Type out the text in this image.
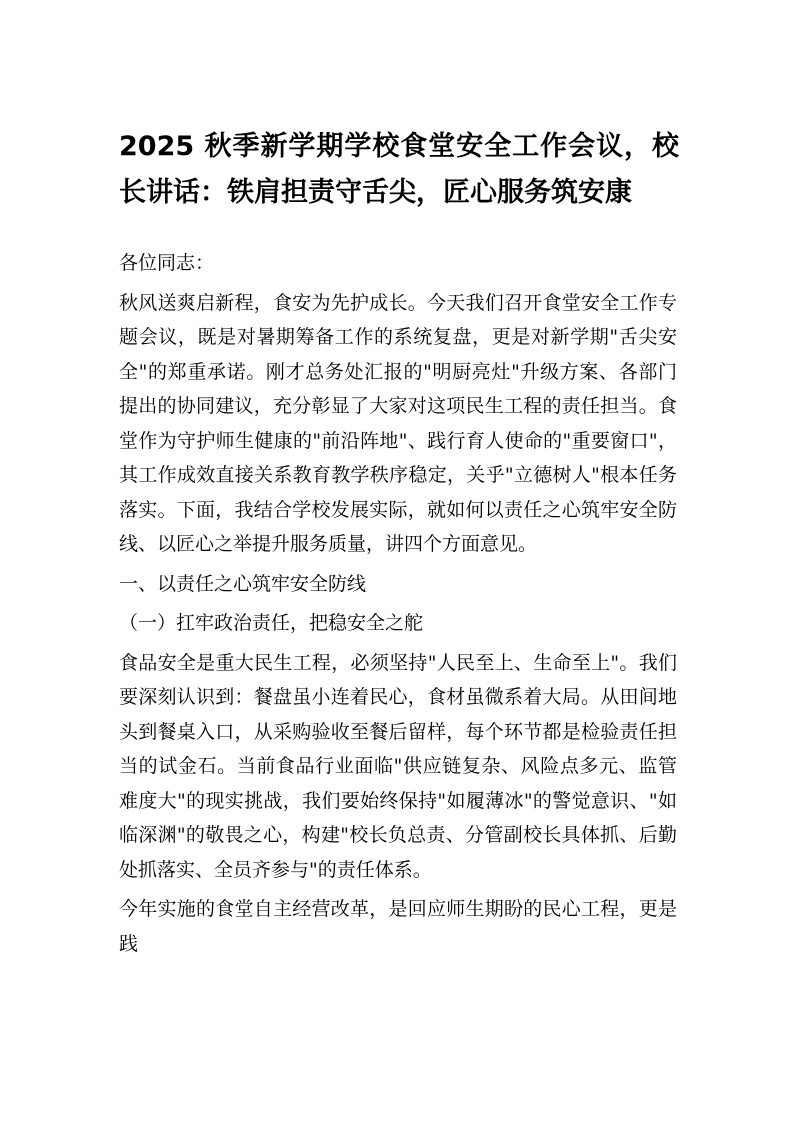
2025 秋季新学期学校食堂安全工作会议，校长讲话：铁肩担责守舌尖，匠心服务筑安康

各位同志：

秋风送爽启新程，食安为先护成长。今天我们召开食堂安全工作专题会议，既是对暑期筹备工作的系统复盘，更是对新学期"舌尖安全"的郑重承诺。刚才总务处汇报的"明厨亮灶"升级方案、各部门提出的协同建议，充分彰显了大家对这项民生工程的责任担当。食堂作为守护师生健康的"前沿阵地"、践行育人使命的"重要窗口"，其工作成效直接关系教育教学秩序稳定，关乎"立德树人"根本任务落实。下面，我结合学校发展实际，就如何以责任之心筑牢安全防线、以匠心之举提升服务质量，讲四个方面意见。

一、以责任之心筑牢安全防线

（一）扛牢政治责任，把稳安全之舵

食品安全是重大民生工程，必须坚持"人民至上、生命至上"。我们要深刻认识到：餐盘虽小连着民心，食材虽微系着大局。从田间地头到餐桌入口，从采购验收至餐后留样，每个环节都是检验责任担当的试金石。当前食品行业面临"供应链复杂、风险点多元、监管难度大"的现实挑战，我们要始终保持"如履薄冰"的警觉意识、"如临深渊"的敬畏之心，构建"校长负总责、分管副校长具体抓、后勤处抓落实、全员齐参与"的责任体系。

今年实施的食堂自主经营改革，是回应师生期盼的民心工程，更是践
